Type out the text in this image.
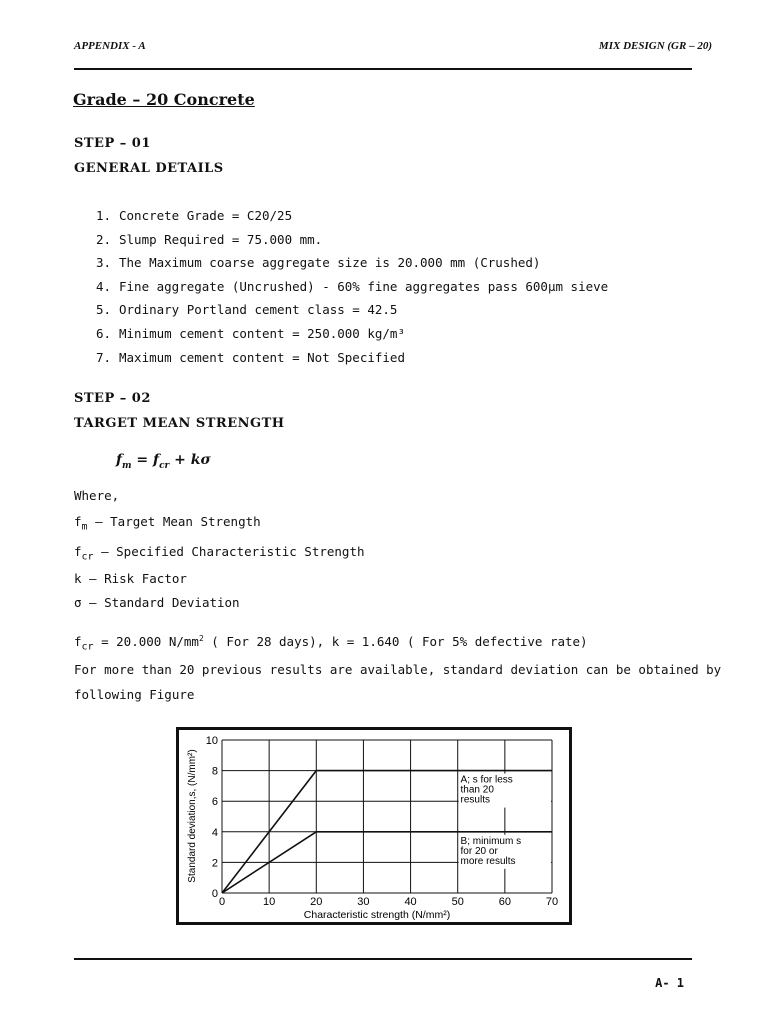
APPENDIX - A	MIX DESIGN (GR – 20)
Grade – 20 Concrete
STEP – 01
GENERAL DETAILS
1. Concrete Grade = C20/25
2. Slump Required = 75.000 mm.
3. The Maximum coarse aggregate size is 20.000 mm (Crushed)
4. Fine aggregate (Uncrushed) - 60% fine aggregates pass 600µm sieve
5. Ordinary Portland cement class = 42.5
6. Minimum cement content = 250.000 kg/m³
7. Maximum cement content = Not Specified
STEP – 02
TARGET MEAN STRENGTH
$f_m = f_{cr} + k\sigma$
Where,
$f_m$ – Target Mean Strength
$f_{cr}$ – Specified Characteristic Strength
k – Risk Factor
σ – Standard Deviation
$f_{cr} = 20.000$ $N/mm^2$ ( For 28 days), k = 1.640 ( For 5% defective rate)
For more than 20 previous results are available, standard deviation can be obtained by
following Figure
0	10	20	30	40	50	60	70
0
2
4
6
8
10
A; s for less
than 20
results
B; minimum s
for 20 or
more results
Characteristic strength (N/mm²)
Standard deviation,s, (N/mm²)
A- 1
